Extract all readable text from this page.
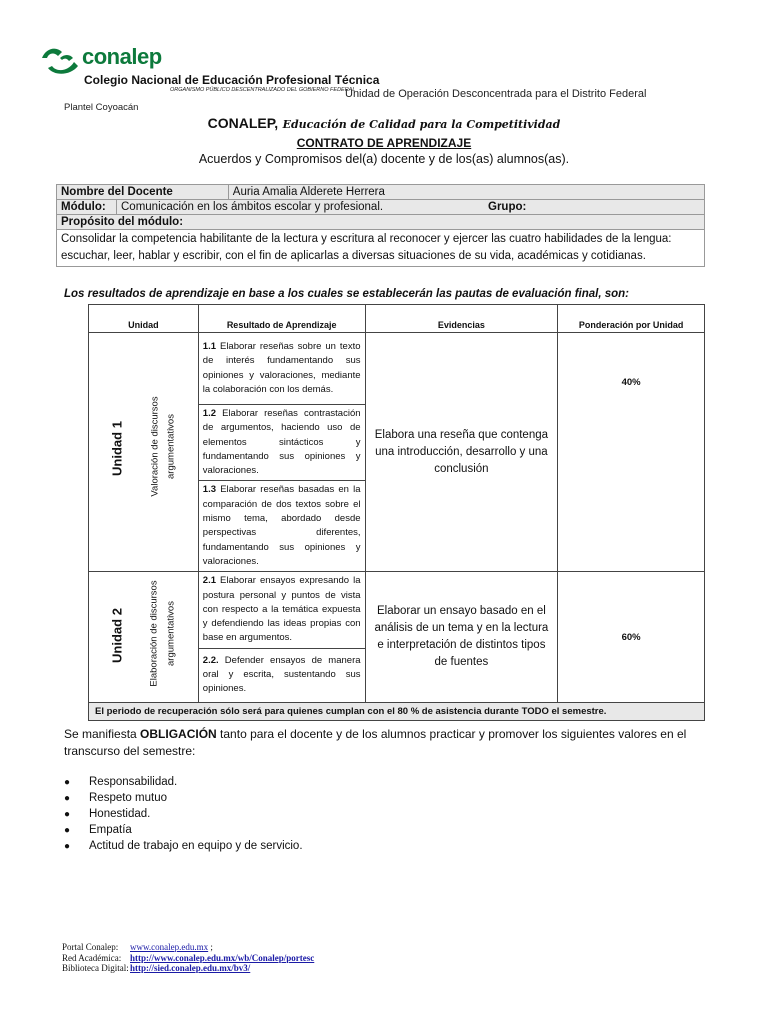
conalep
Colegio Nacional de Educación Profesional Técnica
ORGANISMO PÚBLICO DESCENTRALIZADO DEL GOBIERNO FEDERAL
Unidad de Operación Desconcentrada para el Distrito Federal
Plantel Coyoacán
CONALEP, Educación de Calidad para la Competitividad
CONTRATO DE APRENDIZAJE
Acuerdos y Compromisos del(a) docente y de los(as) alumnos(as).
Nombre del Docente	Auria Amalia Alderete Herrera

Módulo:	Comunicación en los ámbitos escolar y profesional.	Grupo:

Propósito del módulo:
Consolidar la competencia habilitante de la lectura y escritura al reconocer y ejercer las cuatro habilidades de la lengua: escuchar, leer, hablar y escribir, con el fin de aplicarlas a diversas situaciones de su vida, académicas y cotidianas.
Los resultados de aprendizaje en base a los cuales se establecerán las pautas de evaluación final, son:
Unidad	Resultado de Aprendizaje	Evidencias	Ponderación por Unidad

Unidad 1 Valoración de discursos argumentativos	1.1 Elaborar reseñas sobre un texto de interés fundamentando sus opiniones y valoraciones, mediante la colaboración con los demás.	Elabora una reseña que contenga una introducción, desarrollo y una conclusión	40%

	1.2 Elaborar reseñas contrastación de argumentos, haciendo uso de elementos sintácticos y fundamentando sus opiniones y valoraciones.		
	1.3 Elaborar reseñas basadas en la comparación de dos textos sobre el mismo tema, abordado desde perspectivas diferentes, fundamentando sus opiniones y valoraciones.		

Unidad 2 Elaboración de discursos argumentativos	2.1 Elaborar ensayos expresando la postura personal y puntos de vista con respecto a la temática expuesta y defendiendo las ideas propias con base en argumentos.	Elaborar un ensayo basado en el análisis de un tema y en la lectura e interpretación de distintos tipos de fuentes	60%
	2.2. Defender ensayos de manera oral y escrita, sustentando sus opiniones.		
El periodo de recuperación sólo será para quienes cumplan con el 80 % de asistencia durante TODO el semestre.			
Se manifiesta OBLIGACIÓN tanto para el docente y de los alumnos practicar y promover los siguientes valores en el transcurso del semestre:
● Responsabilidad.
● Respeto mutuo
● Honestidad.
● Empatía
● Actitud de trabajo en equipo y de servicio.
Portal Conalep: www.conalep.edu.mx ;
Red Académica: http://www.conalep.edu.mx/wb/Conalep/portesc
Biblioteca Digital:http://sied.conalep.edu.mx/bv3/
